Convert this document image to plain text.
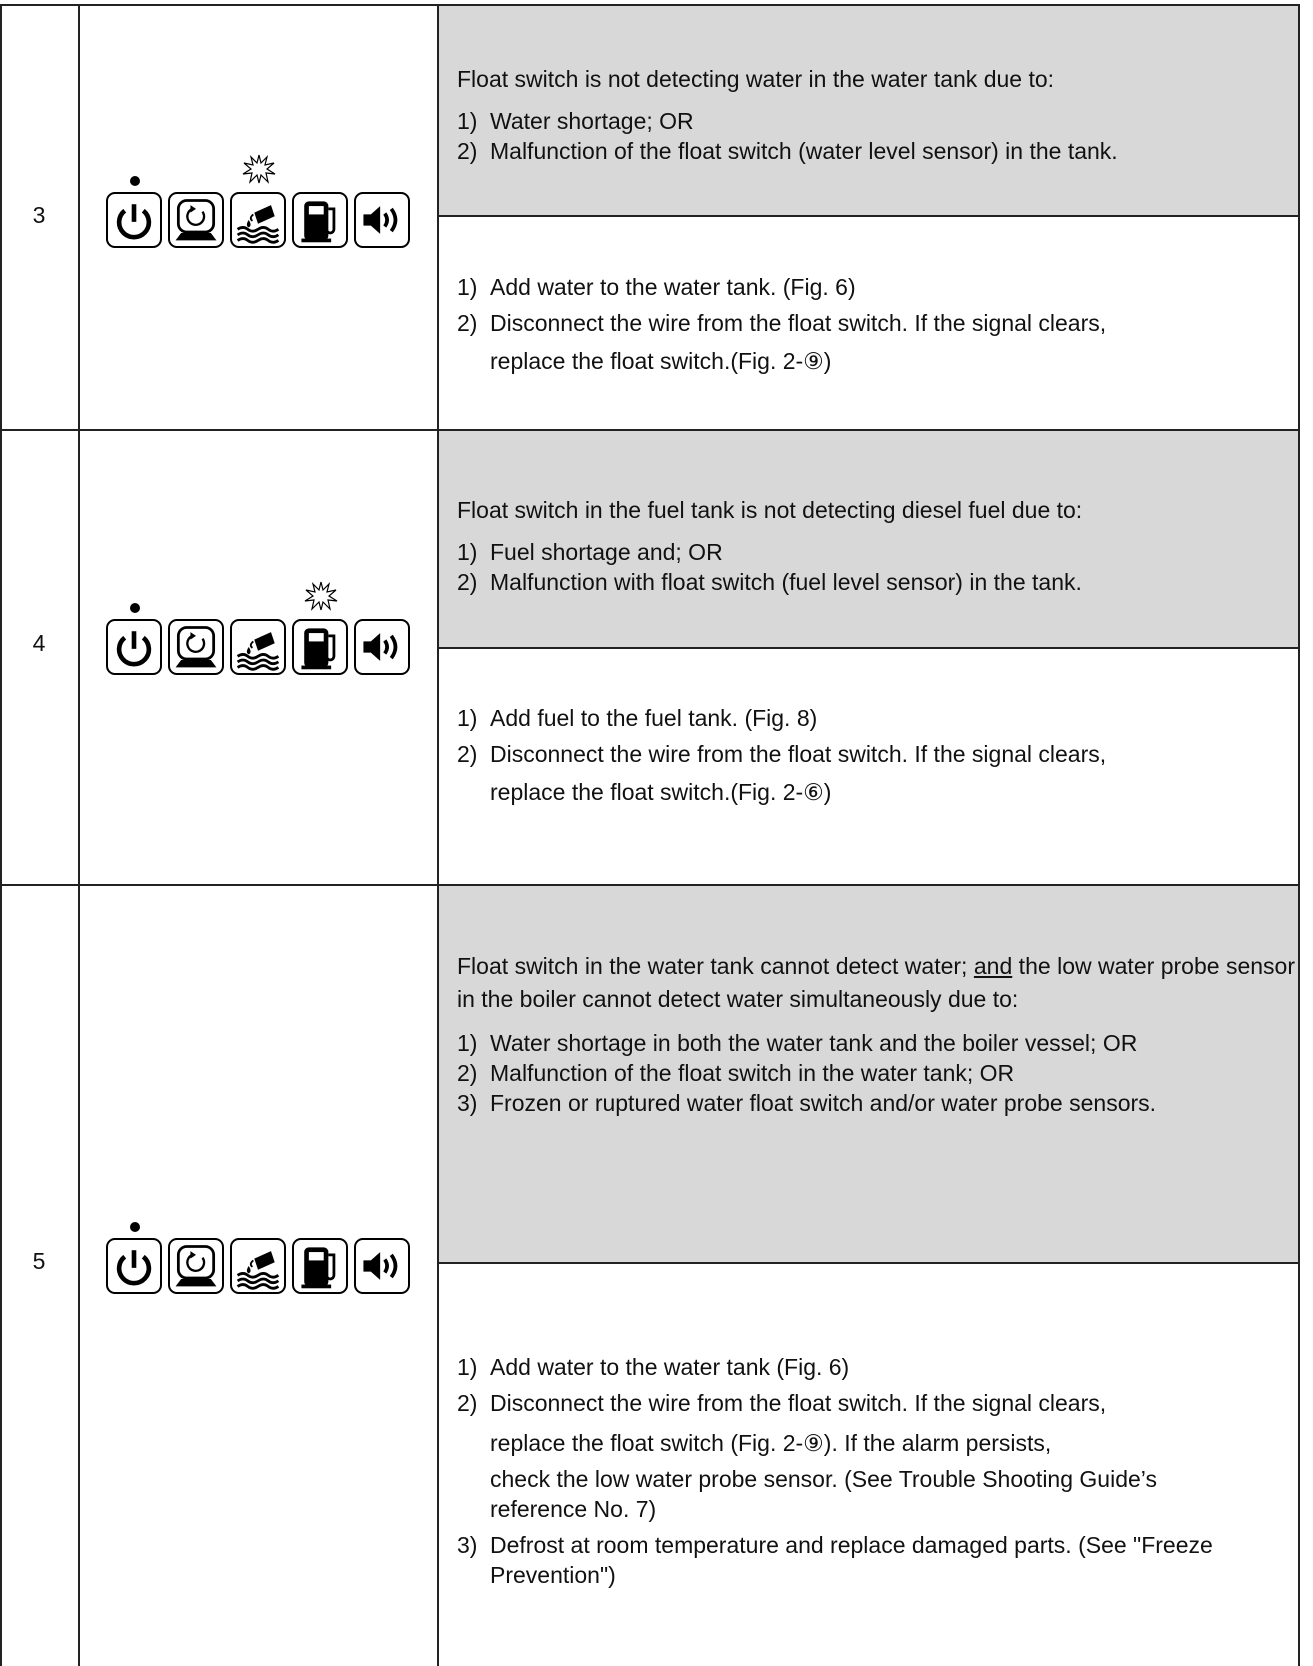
3

Float switch is not detecting water in the water tank due to:

1) Water shortage; OR
2) Malfunction of the float switch (water level sensor) in the tank.
1) Add water to the water tank. (Fig. 6)
2) Disconnect the wire from the float switch. If the signal clears,
replace the float switch.(Fig. 2-⑨)
4

Float switch in the fuel tank is not detecting diesel fuel due to:

1) Fuel shortage and; OR
2) Malfunction with float switch (fuel level sensor) in the tank.
1) Add fuel to the fuel tank. (Fig. 8)
2) Disconnect the wire from the float switch. If the signal clears,
replace the float switch.(Fig. 2-⑥)
5

Float switch in the water tank cannot detect water; and the low water probe sensor in the boiler cannot detect water simultaneously due to:

1) Water shortage in both the water tank and the boiler vessel; OR
2) Malfunction of the float switch in the water tank; OR
3) Frozen or ruptured water float switch and/or water probe sensors.
1) Add water to the water tank (Fig. 6)
2) Disconnect the wire from the float switch. If the signal clears,
replace the float switch (Fig. 2-⑨). If the alarm persists,
check the low water probe sensor. (See Trouble Shooting Guide’s reference No. 7)
3) Defrost at room temperature and replace damaged parts. (See "Freeze Prevention")
